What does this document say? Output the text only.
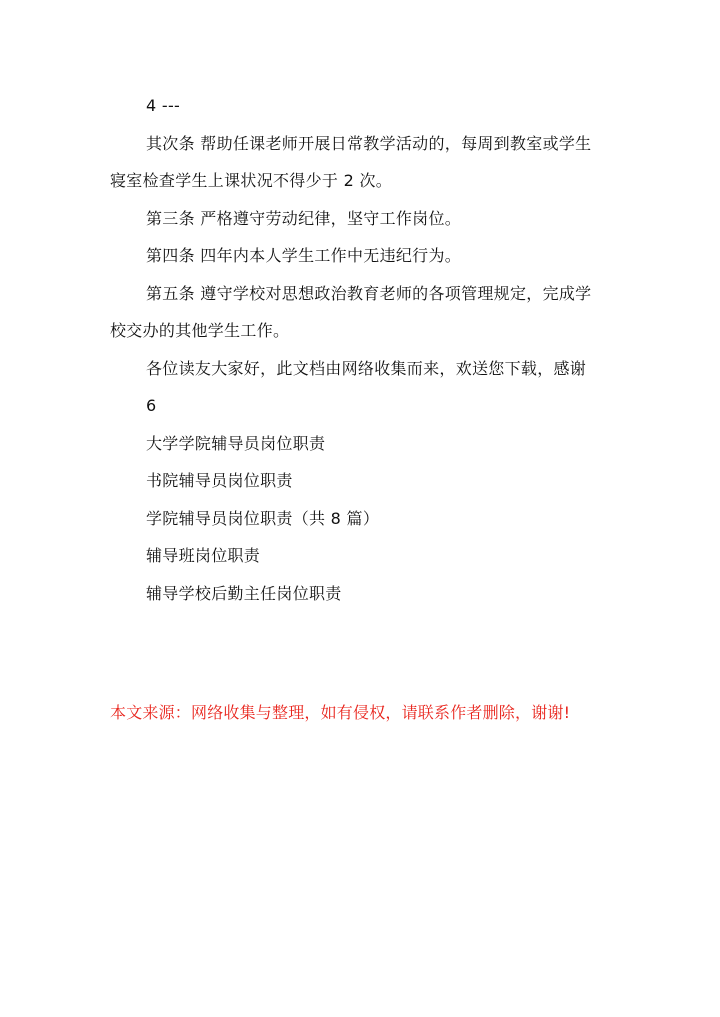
4 ---
其次条 帮助任课老师开展日常教学活动的，每周到教室或学生
寝室检查学生上课状况不得少于 2 次。
第三条 严格遵守劳动纪律，坚守工作岗位。
第四条 四年内本人学生工作中无违纪行为。
第五条 遵守学校对思想政治教育老师的各项管理规定，完成学
校交办的其他学生工作。
各位读友大家好，此文档由网络收集而来，欢送您下载，感谢
6
大学学院辅导员岗位职责
书院辅导员岗位职责
学院辅导员岗位职责（共 8 篇）
辅导班岗位职责
辅导学校后勤主任岗位职责
本文来源：网络收集与整理，如有侵权，请联系作者删除，谢谢!
